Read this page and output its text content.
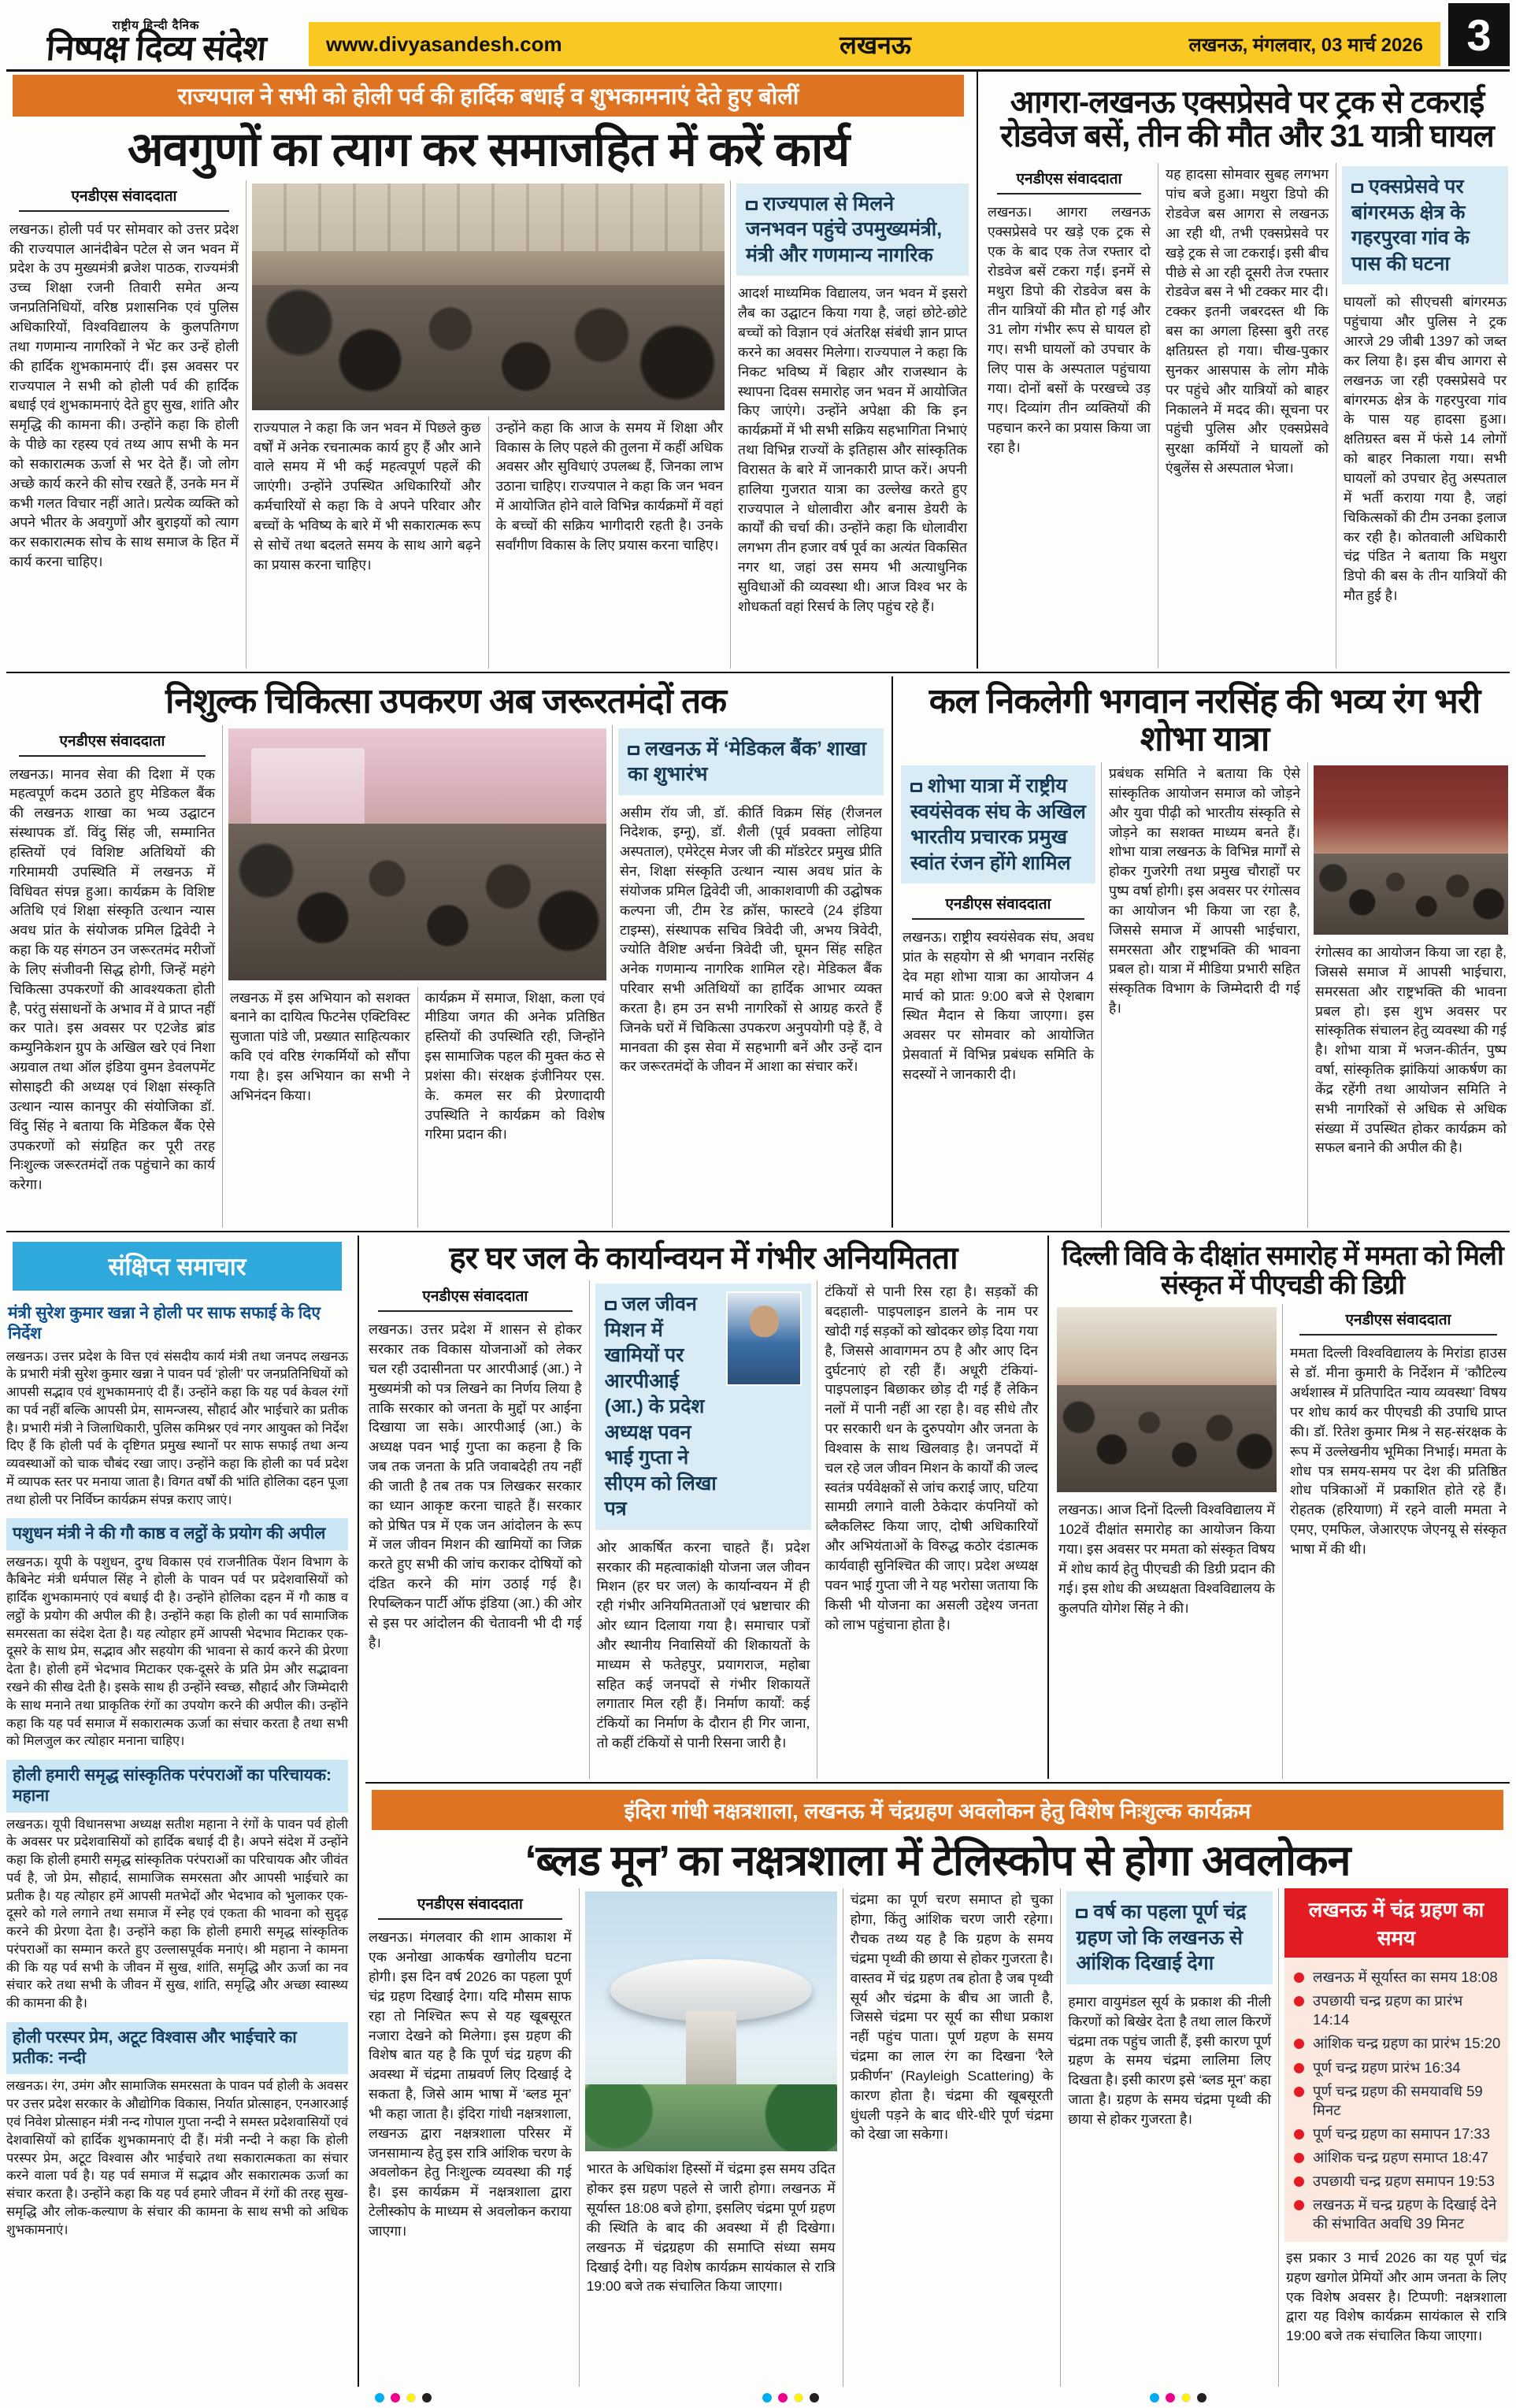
राष्ट्रीय हिन्दी दैनिक
निष्पक्ष दिव्य संदेश	www.divyasandesh.com	लखनऊ	लखनऊ, मंगलवार, 03 मार्च 2026 3
राज्यपाल ने सभी को होली पर्व की हार्दिक बधाई व शुभकामनाएं देते हुए बोलीं
अवगुणों का त्याग कर समाजहित में करें कार्य
एनडीएस संवाददाता

लखनऊ। होली पर्व पर सोमवार को उत्तर प्रदेश की राज्यपाल आनंदीबेन पटेल से जन भवन में प्रदेश के उप मुख्यमंत्री ब्रजेश पाठक, राज्यमंत्री उच्च शिक्षा रजनी तिवारी समेत अन्य जनप्रतिनिधियों, वरिष्ठ प्रशासनिक एवं पुलिस अधिकारियों, विश्वविद्यालय के कुलपतिगण तथा गणमान्य नागरिकों ने भेंट कर उन्हें होली की हार्दिक शुभकामनाएं दीं। इस अवसर पर राज्यपाल ने सभी को होली पर्व की हार्दिक बधाई एवं शुभकामनाएं देते हुए सुख, शांति और समृद्धि की कामना की। उन्होंने कहा कि होली के पीछे का रहस्य एवं तथ्य आप सभी के मन को सकारात्मक ऊर्जा से भर देते हैं। जो लोग अच्छे कार्य करने की सोच रखते हैं, उनके मन में कभी गलत विचार नहीं आते। प्रत्येक व्यक्ति को अपने भीतर के अवगुणों और बुराइयों को त्याग कर सकारात्मक सोच के साथ समाज के हित में कार्य करना चाहिए।

राज्यपाल ने कहा कि जन भवन में पिछले कुछ वर्षों में अनेक रचनात्मक कार्य हुए हैं और आने वाले समय में भी कई महत्वपूर्ण पहलें की जाएंगी। उन्होंने उपस्थित अधिकारियों और कर्मचारियों से कहा कि वे अपने परिवार और बच्चों के भविष्य के बारे में भी सकारात्मक रूप से सोचें तथा बदलते समय के साथ आगे बढ़ने का प्रयास करना चाहिए।

उन्होंने कहा कि आज के समय में शिक्षा और विकास के लिए पहले की तुलना में कहीं अधिक अवसर और सुविधाएं उपलब्ध हैं, जिनका लाभ उठाना चाहिए। राज्यपाल ने कहा कि जन भवन में आयोजित होने वाले विभिन्न कार्यक्रमों में वहां के बच्चों की सक्रिय भागीदारी रहती है। उनके सर्वांगीण विकास के लिए प्रयास करना चाहिए।

राज्यपाल से मिलने जनभवन पहुंचे उपमुख्यमंत्री, मंत्री और गणमान्य नागरिक

आदर्श माध्यमिक विद्यालय, जन भवन में इसरो लैब का उद्घाटन किया गया है, जहां छोटे-छोटे बच्चों को विज्ञान एवं अंतरिक्ष संबंधी ज्ञान प्राप्त करने का अवसर मिलेगा। राज्यपाल ने कहा कि निकट भविष्य में बिहार और राजस्थान के स्थापना दिवस समारोह जन भवन में आयोजित किए जाएंगे। उन्होंने अपेक्षा की कि इन कार्यक्रमों में भी सभी सक्रिय सहभागिता निभाएं तथा विभिन्न राज्यों के इतिहास और सांस्कृतिक विरासत के बारे में जानकारी प्राप्त करें। अपनी हालिया गुजरात यात्रा का उल्लेख करते हुए राज्यपाल ने धोलावीरा और बनास डेयरी के कार्यों की चर्चा की। उन्होंने कहा कि धोलावीरा लगभग तीन हजार वर्ष पूर्व का अत्यंत विकसित नगर था, जहां उस समय भी अत्याधुनिक सुविधाओं की व्यवस्था थी। आज विश्व भर के शोधकर्ता वहां रिसर्च के लिए पहुंच रहे हैं।

आगरा-लखनऊ एक्सप्रेसवे पर ट्रक से टकराई रोडवेज बसें, तीन की मौत और 31 यात्री घायल
एनडीएस संवाददाता

लखनऊ। आगरा लखनऊ एक्सप्रेसवे पर खड़े एक ट्रक से एक के बाद एक तेज रफ्तार दो रोडवेज बसें टकरा गईं। इनमें से मथुरा डिपो की रोडवेज बस के तीन यात्रियों की मौत हो गई और 31 लोग गंभीर रूप से घायल हो गए। सभी घायलों को उपचार के लिए पास के अस्पताल पहुंचाया गया। दोनों बसों के परखच्चे उड़ गए। दिव्यांग तीन व्यक्तियों की पहचान करने का प्रयास किया जा रहा है।

यह हादसा सोमवार सुबह लगभग पांच बजे हुआ। मथुरा डिपो की रोडवेज बस आगरा से लखनऊ आ रही थी, तभी एक्सप्रेसवे पर खड़े ट्रक से जा टकराई। इसी बीच पीछे से आ रही दूसरी तेज रफ्तार रोडवेज बस ने भी टक्कर मार दी। टक्कर इतनी जबरदस्त थी कि बस का अगला हिस्सा बुरी तरह क्षतिग्रस्त हो गया। चीख-पुकार सुनकर आसपास के लोग मौके पर पहुंचे और यात्रियों को बाहर निकालने में मदद की। सूचना पर पहुंची पुलिस और एक्सप्रेसवे सुरक्षा कर्मियों ने घायलों को एंबुलेंस से अस्पताल भेजा।

एक्सप्रेसवे पर बांगरमऊ क्षेत्र के गहरपुरवा गांव के पास की घटना

घायलों को सीएचसी बांगरमऊ पहुंचाया और पुलिस ने ट्रक आरजे 29 जीबी 1397 को जब्त कर लिया है। इस बीच आगरा से लखनऊ जा रही एक्सप्रेसवे पर बांगरमऊ क्षेत्र के गहरपुरवा गांव के पास यह हादसा हुआ। क्षतिग्रस्त बस में फंसे 14 लोगों को बाहर निकाला गया। सभी घायलों को उपचार हेतु अस्पताल में भर्ती कराया गया है, जहां चिकित्सकों की टीम उनका इलाज कर रही है। कोतवाली अधिकारी चंद्र पंडित ने बताया कि मथुरा डिपो की बस के तीन यात्रियों की मौत हुई है।

निशुल्क चिकित्सा उपकरण अब जरूरतमंदों तक
एनडीएस संवाददाता

लखनऊ। मानव सेवा की दिशा में एक महत्वपूर्ण कदम उठाते हुए मेडिकल बैंक की लखनऊ शाखा का भव्य उद्घाटन संस्थापक डॉ. विंदु सिंह जी, सम्मानित हस्तियों एवं विशिष्ट अतिथियों की गरिमामयी उपस्थिति में लखनऊ में विधिवत संपन्न हुआ। कार्यक्रम के विशिष्ट अतिथि एवं शिक्षा संस्कृति उत्थान न्यास अवध प्रांत के संयोजक प्रमिल द्विवेदी ने कहा कि यह संगठन उन जरूरतमंद मरीजों के लिए संजीवनी सिद्ध होगी, जिन्हें महंगे चिकित्सा उपकरणों की आवश्यकता होती है, परंतु संसाधनों के अभाव में वे प्राप्त नहीं कर पाते। इस अवसर पर ए2जेड ब्रांड कम्युनिकेशन ग्रुप के अखिल खरे एवं निशा अग्रवाल तथा ऑल इंडिया वुमन डेवलपमेंट सोसाइटी की अध्यक्ष एवं शिक्षा संस्कृति उत्थान न्यास कानपुर की संयोजिका डॉ. विंदु सिंह ने बताया कि मेडिकल बैंक ऐसे उपकरणों को संग्रहित कर पूरी तरह निःशुल्क जरूरतमंदों तक पहुंचाने का कार्य करेगा।

लखनऊ में इस अभियान को सशक्त बनाने का दायित्व फिटनेस एक्टिविस्ट सुजाता पांडे जी, प्रख्यात साहित्यकार कवि एवं वरिष्ठ रंगकर्मियों को सौंपा गया है। इस अभियान का सभी ने अभिनंदन किया।

कार्यक्रम में समाज, शिक्षा, कला एवं मीडिया जगत की अनेक प्रतिष्ठित हस्तियों की उपस्थिति रही, जिन्होंने इस सामाजिक पहल की मुक्त कंठ से प्रशंसा की। संरक्षक इंजीनियर एस. के. कमल सर की प्रेरणादायी उपस्थिति ने कार्यक्रम को विशेष गरिमा प्रदान की।

लखनऊ में ‘मेडिकल बैंक’ शाखा का शुभारंभ

असीम रॉय जी, डॉ. कीर्ति विक्रम सिंह (रीजनल निदेशक, इग्नू), डॉ. शैली (पूर्व प्रवक्ता लोहिया अस्पताल), एमेरेट्स मेजर जी की मॉडरेटर प्रमुख प्रीति सेन, शिक्षा संस्कृति उत्थान न्यास अवध प्रांत के संयोजक प्रमिल द्विवेदी जी, आकाशवाणी की उद्घोषक कल्पना जी, टीम रेड क्रॉस, फास्टवे (24 इंडिया टाइम्स), संस्थापक सचिव त्रिवेदी जी, अभय त्रिवेदी, ज्योति वैशिष्ट अर्चना त्रिवेदी जी, घूमन सिंह सहित अनेक गणमान्य नागरिक शामिल रहे। मेडिकल बैंक परिवार सभी अतिथियों का हार्दिक आभार व्यक्त करता है। हम उन सभी नागरिकों से आग्रह करते हैं जिनके घरों में चिकित्सा उपकरण अनुपयोगी पड़े हैं, वे मानवता की इस सेवा में सहभागी बनें और उन्हें दान कर जरूरतमंदों के जीवन में आशा का संचार करें।

कल निकलेगी भगवान नरसिंह की भव्य रंग भरी शोभा यात्रा
शोभा यात्रा में राष्ट्रीय स्वयंसेवक संघ के अखिल भारतीय प्रचारक प्रमुख स्वांत रंजन होंगे शामिल
एनडीएस संवाददाता

लखनऊ। राष्ट्रीय स्वयंसेवक संघ, अवध प्रांत के सहयोग से श्री भगवान नरसिंह देव महा शोभा यात्रा का आयोजन 4 मार्च को प्रातः 9:00 बजे से ऐशबाग स्थित मैदान से किया जाएगा। इस अवसर पर सोमवार को आयोजित प्रेसवार्ता में विभिन्न प्रबंधक समिति के सदस्यों ने जानकारी दी।

प्रबंधक समिति ने बताया कि ऐसे सांस्कृतिक आयोजन समाज को जोड़ने और युवा पीढ़ी को भारतीय संस्कृति से जोड़ने का सशक्त माध्यम बनते हैं। शोभा यात्रा लखनऊ के विभिन्न मार्गों से होकर गुजरेगी तथा प्रमुख चौराहों पर पुष्प वर्षा होगी। इस अवसर पर रंगोत्सव का आयोजन भी किया जा रहा है, जिससे समाज में आपसी भाईचारा, समरसता और राष्ट्रभक्ति की भावना प्रबल हो। यात्रा में मीडिया प्रभारी सहित संस्कृतिक विभाग के जिम्मेदारी दी गई है।

रंगोत्सव का आयोजन किया जा रहा है, जिससे समाज में आपसी भाईचारा, समरसता और राष्ट्रभक्ति की भावना प्रबल हो। इस शुभ अवसर पर सांस्कृतिक संचालन हेतु व्यवस्था की गई है। शोभा यात्रा में भजन-कीर्तन, पुष्प वर्षा, सांस्कृतिक झांकियां आकर्षण का केंद्र रहेंगी तथा आयोजन समिति ने सभी नागरिकों से अधिक से अधिक संख्या में उपस्थित होकर कार्यक्रम को सफल बनाने की अपील की है।

संक्षिप्त समाचार
मंत्री सुरेश कुमार खन्ना ने होली पर साफ सफाई के दिए निर्देश

लखनऊ। उत्तर प्रदेश के वित्त एवं संसदीय कार्य मंत्री तथा जनपद लखनऊ के प्रभारी मंत्री सुरेश कुमार खन्ना ने पावन पर्व ‘होली’ पर जनप्रतिनिधियों को आपसी सद्भाव एवं शुभकामनाएं दी हैं। उन्होंने कहा कि यह पर्व केवल रंगों का पर्व नहीं बल्कि आपसी प्रेम, सामन्जस्य, सौहार्द और भाईचारे का प्रतीक है। प्रभारी मंत्री ने जिलाधिकारी, पुलिस कमिश्नर एवं नगर आयुक्त को निर्देश दिए हैं कि होली पर्व के दृष्टिगत प्रमुख स्थानों पर साफ सफाई तथा अन्य व्यवस्थाओं को चाक चौबंद रखा जाए। उन्होंने कहा कि होली का पर्व प्रदेश में व्यापक स्तर पर मनाया जाता है। विगत वर्षों की भांति होलिका दहन पूजा तथा होली पर निर्विघ्न कार्यक्रम संपन्न कराए जाएं।

पशुधन मंत्री ने की गौ काष्ठ व लट्ठों के प्रयोग की अपील

लखनऊ। यूपी के पशुधन, दुग्ध विकास एवं राजनीतिक पेंशन विभाग के कैबिनेट मंत्री धर्मपाल सिंह ने होली के पावन पर्व पर प्रदेशवासियों को हार्दिक शुभकामनाएं एवं बधाई दी है। उन्होंने होलिका दहन में गौ काष्ठ व लट्ठों के प्रयोग की अपील की है। उन्होंने कहा कि होली का पर्व सामाजिक समरसता का संदेश देता है। यह त्योहार हमें आपसी भेदभाव मिटाकर एक-दूसरे के साथ प्रेम, सद्भाव और सहयोग की भावना से कार्य करने की प्रेरणा देता है। होली हमें भेदभाव मिटाकर एक-दूसरे के प्रति प्रेम और सद्भावना रखने की सीख देती है। इसके साथ ही उन्होंने स्वच्छ, सौहार्द और जिम्मेदारी के साथ मनाने तथा प्राकृतिक रंगों का उपयोग करने की अपील की। उन्होंने कहा कि यह पर्व समाज में सकारात्मक ऊर्जा का संचार करता है तथा सभी को मिलजुल कर त्योहार मनाना चाहिए।

होली हमारी समृद्ध सांस्कृतिक परंपराओं का परिचायक: महाना

लखनऊ। यूपी विधानसभा अध्यक्ष सतीश महाना ने रंगों के पावन पर्व होली के अवसर पर प्रदेशवासियों को हार्दिक बधाई दी है। अपने संदेश में उन्होंने कहा कि होली हमारी समृद्ध सांस्कृतिक परंपराओं का परिचायक और जीवंत पर्व है, जो प्रेम, सौहार्द, सामाजिक समरसता और आपसी भाईचारे का प्रतीक है। यह त्योहार हमें आपसी मतभेदों और भेदभाव को भुलाकर एक-दूसरे को गले लगाने तथा समाज में स्नेह एवं एकता की भावना को सुदृढ़ करने की प्रेरणा देता है। उन्होंने कहा कि होली हमारी समृद्ध सांस्कृतिक परंपराओं का सम्मान करते हुए उल्लासपूर्वक मनाएं। श्री महाना ने कामना की कि यह पर्व सभी के जीवन में सुख, शांति, समृद्धि और ऊर्जा का नव संचार करे तथा सभी के जीवन में सुख, शांति, समृद्धि और अच्छा स्वास्थ्य की कामना की है।

होली परस्पर प्रेम, अटूट विश्वास और भाईचारे का प्रतीक: नन्दी

लखनऊ। रंग, उमंग और सामाजिक समरसता के पावन पर्व होली के अवसर पर उत्तर प्रदेश सरकार के औद्योगिक विकास, निर्यात प्रोत्साहन, एनआरआई एवं निवेश प्रोत्साहन मंत्री नन्द गोपाल गुप्ता नन्दी ने समस्त प्रदेशवासियों एवं देशवासियों को हार्दिक शुभकामनाएं दी हैं। मंत्री नन्दी ने कहा कि होली परस्पर प्रेम, अटूट विश्वास और भाईचारे तथा सकारात्मकता का संचार करने वाला पर्व है। यह पर्व समाज में सद्भाव और सकारात्मक ऊर्जा का संचार करता है। उन्होंने कहा कि यह पर्व हमारे जीवन में रंगों की तरह सुख-समृद्धि और लोक-कल्याण के संचार की कामना के साथ सभी को अधिक शुभकामनाएं।

हर घर जल के कार्यान्वयन में गंभीर अनियमितता
एनडीएस संवाददाता

लखनऊ। उत्तर प्रदेश में शासन से होकर सरकार तक विकास योजनाओं को लेकर चल रही उदासीनता पर आरपीआई (आ.) ने मुख्यमंत्री को पत्र लिखने का निर्णय लिया है ताकि सरकार को जनता के मुद्दों पर आईना दिखाया जा सके। आरपीआई (आ.) के अध्यक्ष पवन भाई गुप्ता का कहना है कि जब तक जनता के प्रति जवाबदेही तय नहीं की जाती है तब तक पत्र लिखकर सरकार का ध्यान आकृष्ट करना चाहते हैं। सरकार को प्रेषित पत्र में एक जन आंदोलन के रूप में जल जीवन मिशन की खामियों का जिक्र करते हुए सभी की जांच कराकर दोषियों को दंडित करने की मांग उठाई गई है। रिपब्लिकन पार्टी ऑफ इंडिया (आ.) की ओर से इस पर आंदोलन की चेतावनी भी दी गई है।

जल जीवन मिशन में खामियों पर आरपीआई (आ.) के प्रदेश अध्यक्ष पवन भाई गुप्ता ने सीएम को लिखा पत्र

ओर आकर्षित करना चाहते हैं। प्रदेश सरकार की महत्वाकांक्षी योजना जल जीवन मिशन (हर घर जल) के कार्यान्वयन में ही रही गंभीर अनियमितताओं एवं भ्रष्टाचार की ओर ध्यान दिलाया गया है। समाचार पत्रों और स्थानीय निवासियों की शिकायतों के माध्यम से फतेहपुर, प्रयागराज, महोबा सहित कई जनपदों से गंभीर शिकायतें लगातार मिल रही हैं। निर्माण कार्यों: कई टंकियों का निर्माण के दौरान ही गिर जाना, तो कहीं टंकियों से पानी रिसना जारी है।

टंकियों से पानी रिस रहा है। सड़कों की बदहाली- पाइपलाइन डालने के नाम पर खोदी गई सड़कों को खोदकर छोड़ दिया गया है, जिससे आवागमन ठप है और आए दिन दुर्घटनाएं हो रही हैं। अधूरी टंकियां- पाइपलाइन बिछाकर छोड़ दी गई हैं लेकिन नलों में पानी नहीं आ रहा है। वह सीधे तौर पर सरकारी धन के दुरुपयोग और जनता के विश्वास के साथ खिलवाड़ है। जनपदों में चल रहे जल जीवन मिशन के कार्यों की जल्द स्वतंत्र पर्यवेक्षकों से जांच कराई जाए, घटिया सामग्री लगाने वाली ठेकेदार कंपनियों को ब्लैकलिस्ट किया जाए, दोषी अधिकारियों और अभियंताओं के विरुद्ध कठोर दंडात्मक कार्यवाही सुनिश्चित की जाए। प्रदेश अध्यक्ष पवन भाई गुप्ता जी ने यह भरोसा जताया कि किसी भी योजना का असली उद्देश्य जनता को लाभ पहुंचाना होता है।

दिल्ली विवि के दीक्षांत समारोह में ममता को मिली संस्कृत में पीएचडी की डिग्री

लखनऊ। आज दिनों दिल्ली विश्वविद्यालय में 102वें दीक्षांत समारोह का आयोजन किया गया। इस अवसर पर ममता को संस्कृत विषय में शोध कार्य हेतु पीएचडी की डिग्री प्रदान की गई। इस शोध की अध्यक्षता विश्वविद्यालय के कुलपति योगेश सिंह ने की।

एनडीएस संवाददाता

ममता दिल्ली विश्वविद्यालय के मिरांडा हाउस से डॉ. मीना कुमारी के निर्देशन में ‘कौटिल्य अर्थशास्त्र में प्रतिपादित न्याय व्यवस्था’ विषय पर शोध कार्य कर पीएचडी की उपाधि प्राप्त की। डॉ. रितेश कुमार मिश्र ने सह-संरक्षक के रूप में उल्लेखनीय भूमिका निभाई। ममता के शोध पत्र समय-समय पर देश की प्रतिष्ठित शोध पत्रिकाओं में प्रकाशित होते रहे हैं। रोहतक (हरियाणा) में रहने वाली ममता ने एमए, एमफिल, जेआरएफ जेएनयू से संस्कृत भाषा में की थी।

इंदिरा गांधी नक्षत्रशाला, लखनऊ में चंद्रग्रहण अवलोकन हेतु विशेष निःशुल्क कार्यक्रम
‘ब्लड मून’ का नक्षत्रशाला में टेलिस्कोप से होगा अवलोकन
एनडीएस संवाददाता

लखनऊ। मंगलवार की शाम आकाश में एक अनोखा आकर्षक खगोलीय घटना होगी। इस दिन वर्ष 2026 का पहला पूर्ण चंद्र ग्रहण दिखाई देगा। यदि मौसम साफ रहा तो निश्चित रूप से यह खूबसूरत नजारा देखने को मिलेगा। इस ग्रहण की विशेष बात यह है कि पूर्ण चंद्र ग्रहण की अवस्था में चंद्रमा ताम्रवर्ण लिए दिखाई दे सकता है, जिसे आम भाषा में ‘ब्लड मून’ भी कहा जाता है। इंदिरा गांधी नक्षत्रशाला, लखनऊ द्वारा नक्षत्रशाला परिसर में जनसामान्य हेतु इस रात्रि आंशिक चरण के अवलोकन हेतु निःशुल्क व्यवस्था की गई है। इस कार्यक्रम में नक्षत्रशाला द्वारा टेलीस्कोप के माध्यम से अवलोकन कराया जाएगा।

भारत के अधिकांश हिस्सों में चंद्रमा इस समय उदित होकर इस ग्रहण पहले से जारी होगा। लखनऊ में सूर्यास्त 18:08 बजे होगा, इसलिए चंद्रमा पूर्ण ग्रहण की स्थिति के बाद की अवस्था में ही दिखेगा। लखनऊ में चंद्रग्रहण की समाप्ति संध्या समय दिखाई देगी। यह विशेष कार्यक्रम सायंकाल से रात्रि 19:00 बजे तक संचालित किया जाएगा।

चंद्रमा का पूर्ण चरण समाप्त हो चुका होगा, किंतु आंशिक चरण जारी रहेगा। रौचक तथ्य यह है कि ग्रहण के समय चंद्रमा पृथ्वी की छाया से होकर गुजरता है। वास्तव में चंद्र ग्रहण तब होता है जब पृथ्वी सूर्य और चंद्रमा के बीच आ जाती है, जिससे चंद्रमा पर सूर्य का सीधा प्रकाश नहीं पहुंच पाता। पूर्ण ग्रहण के समय चंद्रमा का लाल रंग का दिखना ‘रैले प्रकीर्णन’ (Rayleigh Scattering) के कारण होता है। चंद्रमा की खूबसूरती धुंधली पड़ने के बाद धीरे-धीरे पूर्ण चंद्रमा को देखा जा सकेगा।

वर्ष का पहला पूर्ण चंद्र ग्रहण जो कि लखनऊ से आंशिक दिखाई देगा

हमारा वायुमंडल सूर्य के प्रकाश की नीली किरणों को बिखेर देता है तथा लाल किरणें चंद्रमा तक पहुंच जाती हैं, इसी कारण पूर्ण ग्रहण के समय चंद्रमा लालिमा लिए दिखता है। इसी कारण इसे ‘ब्लड मून’ कहा जाता है। ग्रहण के समय चंद्रमा पृथ्वी की छाया से होकर गुजरता है।

लखनऊ में चंद्र ग्रहण का समय
लखनऊ में सूर्यास्त का समय 18:08
उपछायी चन्द्र ग्रहण का प्रारंभ 14:14
आंशिक चन्द्र ग्रहण का प्रारंभ 15:20
पूर्ण चन्द्र ग्रहण प्रारंभ 16:34
पूर्ण चन्द्र ग्रहण की समयावधि 59 मिनट
पूर्ण चन्द्र ग्रहण का समापन 17:33
आंशिक चन्द्र ग्रहण समाप्त 18:47
उपछायी चन्द्र ग्रहण समापन 19:53
लखनऊ में चन्द्र ग्रहण के दिखाई देने की संभावित अवधि 39 मिनट

इस प्रकार 3 मार्च 2026 का यह पूर्ण चंद्र ग्रहण खगोल प्रेमियों और आम जनता के लिए एक विशेष अवसर है। टिप्पणी: नक्षत्रशाला द्वारा यह विशेष कार्यक्रम सायंकाल से रात्रि 19:00 बजे तक संचालित किया जाएगा।
